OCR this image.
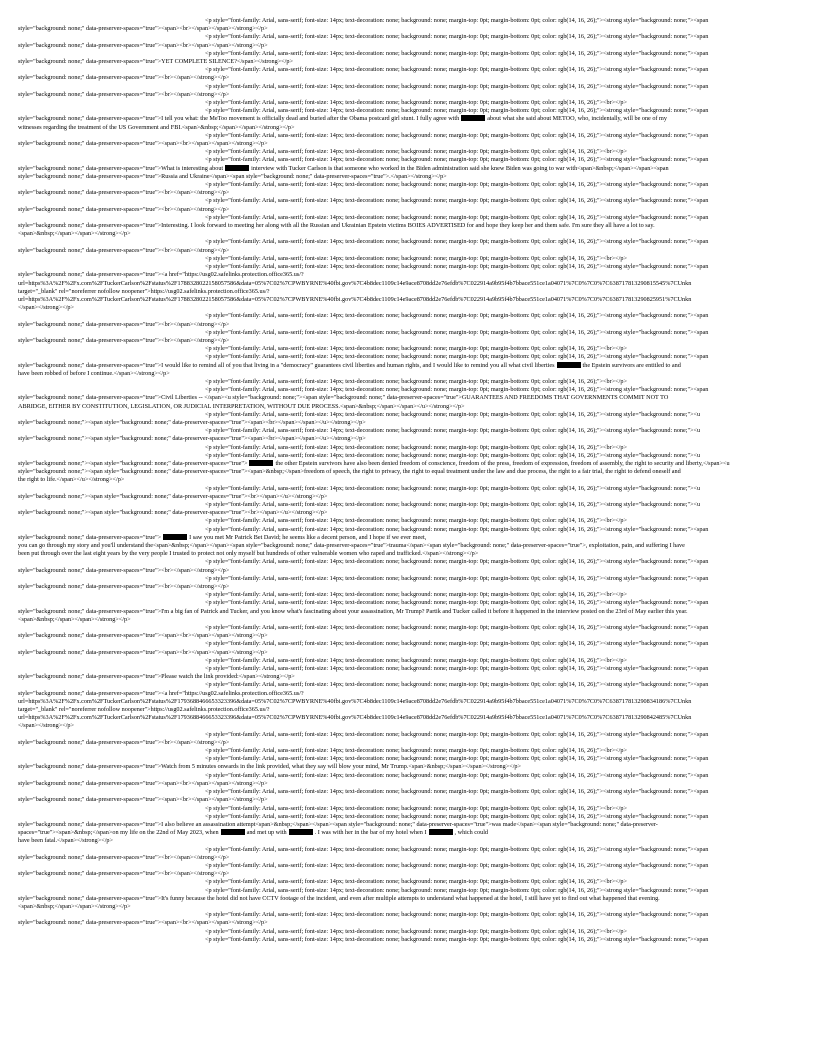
<p style="font-family: Arial, sans-serif; font-size: 14px; text-decoration: none; background: none; margin-top: 0pt; margin-bottom: 0pt; color: rgb(14, 16, 26);"><strong style="background: none;"><span
style="background: none;" data-preserver-spaces="true"><span><br></span></span></strong></p>
<p style="font-family: Arial, sans-serif; font-size: 14px; text-decoration: none; background: none; margin-top: 0pt; margin-bottom: 0pt; color: rgb(14, 16, 26);"><strong style="background: none;"><span
style="background: none;" data-preserver-spaces="true"><span><br></span></span></strong></p>
<p style="font-family: Arial, sans-serif; font-size: 14px; text-decoration: none; background: none; margin-top: 0pt; margin-bottom: 0pt; color: rgb(14, 16, 26);"><strong style="background: none;"><span
style="background: none;" data-preserver-spaces="true">YET COMPLETE SILENCE?</span></strong></p>
<p style="font-family: Arial, sans-serif; font-size: 14px; text-decoration: none; background: none; margin-top: 0pt; margin-bottom: 0pt; color: rgb(14, 16, 26);"><strong style="background: none;"><span
style="background: none;" data-preserver-spaces="true"><br></span></strong></p>
<p style="font-family: Arial, sans-serif; font-size: 14px; text-decoration: none; background: none; margin-top: 0pt; margin-bottom: 0pt; color: rgb(14, 16, 26);"><strong style="background: none;"><span
style="background: none;" data-preserver-spaces="true"><br></span></strong></p>
<p style="font-family: Arial, sans-serif; font-size: 14px; text-decoration: none; background: none; margin-top: 0pt; margin-bottom: 0pt; color: rgb(14, 16, 26);"><br></p>
<p style="font-family: Arial, sans-serif; font-size: 14px; text-decoration: none; background: none; margin-top: 0pt; margin-bottom: 0pt; color: rgb(14, 16, 26);"><strong style="background: none;"><span
style="background: none;" data-preserver-spaces="true">I tell you what: the MeToo movement is officially dead and buried after the Obama postcard girl stunt. I fully agree with	about what she said about METOO, who, incidentally, will be one of my
witnesses regarding the treatment of the US Government and FBI.<span>&nbsp;</span></span></strong></p>
<p style="font-family: Arial, sans-serif; font-size: 14px; text-decoration: none; background: none; margin-top: 0pt; margin-bottom: 0pt; color: rgb(14, 16, 26);"><strong style="background: none;"><span
style="background: none;" data-preserver-spaces="true"><span><br></span></span></strong></p>
<p style="font-family: Arial, sans-serif; font-size: 14px; text-decoration: none; background: none; margin-top: 0pt; margin-bottom: 0pt; color: rgb(14, 16, 26);"><br></p>
<p style="font-family: Arial, sans-serif; font-size: 14px; text-decoration: none; background: none; margin-top: 0pt; margin-bottom: 0pt; color: rgb(14, 16, 26);"><strong style="background: none;"><span
style="background: none;" data-preserver-spaces="true">What is interesting about	interview with Tucker Carlson is that someone who worked in the Biden administration said she knew Biden was going to war with<span>&nbsp;</span></span><span
style="background: none;" data-preserver-spaces="true">Russia and Ukraine</span><span style="background: none;" data-preserver-spaces="true">.</span></strong></p>
<p style="font-family: Arial, sans-serif; font-size: 14px; text-decoration: none; background: none; margin-top: 0pt; margin-bottom: 0pt; color: rgb(14, 16, 26);"><strong style="background: none;"><span
style="background: none;" data-preserver-spaces="true"><br></span></strong></p>
<p style="font-family: Arial, sans-serif; font-size: 14px; text-decoration: none; background: none; margin-top: 0pt; margin-bottom: 0pt; color: rgb(14, 16, 26);"><strong style="background: none;"><span
style="background: none;" data-preserver-spaces="true"><br></span></strong></p>
<p style="font-family: Arial, sans-serif; font-size: 14px; text-decoration: none; background: none; margin-top: 0pt; margin-bottom: 0pt; color: rgb(14, 16, 26);"><strong style="background: none;"><span
style="background: none;" data-preserver-spaces="true">Interesting. I look forward to meeting her along with all the Russian and Ukrainian Epstein victims BOIES ADVERTISED for and hope they keep her and them safe. I'm sure they all have a lot to say.
<span>&nbsp;</span></span></strong></p>
<p style="font-family: Arial, sans-serif; font-size: 14px; text-decoration: none; background: none; margin-top: 0pt; margin-bottom: 0pt; color: rgb(14, 16, 26);"><strong style="background: none;"><span
style="background: none;" data-preserver-spaces="true"><br></span></strong></p>
<p style="font-family: Arial, sans-serif; font-size: 14px; text-decoration: none; background: none; margin-top: 0pt; margin-bottom: 0pt; color: rgb(14, 16, 26);"><br></p>
<p style="font-family: Arial, sans-serif; font-size: 14px; text-decoration: none; background: none; margin-top: 0pt; margin-bottom: 0pt; color: rgb(14, 16, 26);"><strong style="background: none;"><span
style="background: none;" data-preserver-spaces="true"><a href="https://usg02.safelinks.protection.office365.us/?
url=https%3A%2F%2Fx.com%2FTuckerCarlson%2Fstatus%2F1788328022158057586&data=05%7C02%7CPWBYRNE%40fbi.gov%7C4b8dec1109c14e9ace8708dd2e76efdb%7C022914a9b95f4b7bbace551ce1a04071%7C0%7C0%7C638717813290815545%7CUnkn
target="_blank" rel="noreferrer nofollow noopener">https://usg02.safelinks.protection.office365.us/?
url=https%3A%2F%2Fx.com%2FTuckerCarlson%2Fstatus%2F1788328022158057586&data=05%7C02%7CPWBYRNE%40fbi.gov%7C4b8dec1109c14e9ace8708dd2e76efdb%7C022914a9b95f4b7bbace551ce1a04071%7C0%7C0%7C638717813290825951%7CUnkn
</span></strong></p>
<p style="font-family: Arial, sans-serif; font-size: 14px; text-decoration: none; background: none; margin-top: 0pt; margin-bottom: 0pt; color: rgb(14, 16, 26);"><strong style="background: none;"><span
style="background: none;" data-preserver-spaces="true"><br></span></strong></p>
<p style="font-family: Arial, sans-serif; font-size: 14px; text-decoration: none; background: none; margin-top: 0pt; margin-bottom: 0pt; color: rgb(14, 16, 26);"><strong style="background: none;"><span
style="background: none;" data-preserver-spaces="true"><br></span></strong></p>
<p style="font-family: Arial, sans-serif; font-size: 14px; text-decoration: none; background: none; margin-top: 0pt; margin-bottom: 0pt; color: rgb(14, 16, 26);"><br></p>
<p style="font-family: Arial, sans-serif; font-size: 14px; text-decoration: none; background: none; margin-top: 0pt; margin-bottom: 0pt; color: rgb(14, 16, 26);"><strong style="background: none;"><span
style="background: none;" data-preserver-spaces="true">I would like to remind all of you that living in a "democracy" guarantees civil liberties and human rights, and I would like to remind you all what civil liberties	the Epstein survivors are entitled to and
have been robbed of before I continue.</span></strong></p>
<p style="font-family: Arial, sans-serif; font-size: 14px; text-decoration: none; background: none; margin-top: 0pt; margin-bottom: 0pt; color: rgb(14, 16, 26);"><br></p>
<p style="font-family: Arial, sans-serif; font-size: 14px; text-decoration: none; background: none; margin-top: 0pt; margin-bottom: 0pt; color: rgb(14, 16, 26);"><strong style="background: none;"><span
style="background: none;" data-preserver-spaces="true">Civil Liberties -- </span><u style="background: none;"><span style="background: none;" data-preserver-spaces="true">GUARANTEES AND FREEDOMS THAT GOVERNMENTS COMMIT NOT TO
ABRIDGE, EITHER BY CONSTITUTION, LEGISLATION, OR JUDICIAL INTERPRETATION, WITHOUT DUE PROCESS.<span>&nbsp;</span></span></u></strong></p>
<p style="font-family: Arial, sans-serif; font-size: 14px; text-decoration: none; background: none; margin-top: 0pt; margin-bottom: 0pt; color: rgb(14, 16, 26);"><strong style="background: none;"><u
style="background: none;"><span style="background: none;" data-preserver-spaces="true"><span><br></span></span></u></strong></p>
<p style="font-family: Arial, sans-serif; font-size: 14px; text-decoration: none; background: none; margin-top: 0pt; margin-bottom: 0pt; color: rgb(14, 16, 26);"><strong style="background: none;"><u
style="background: none;"><span style="background: none;" data-preserver-spaces="true"><span><br></span></span></u></strong></p>
<p style="font-family: Arial, sans-serif; font-size: 14px; text-decoration: none; background: none; margin-top: 0pt; margin-bottom: 0pt; color: rgb(14, 16, 26);"><br></p>
<p style="font-family: Arial, sans-serif; font-size: 14px; text-decoration: none; background: none; margin-top: 0pt; margin-bottom: 0pt; color: rgb(14, 16, 26);"><strong style="background: none;"><u
style="background: none;"><span style="background: none;" data-preserver-spaces="true">	the other Epstein survivors have also been denied freedom of conscience, freedom of the press, freedom of expression, freedom of assembly, the right to security and liberty,</span><u
style="background: none;"><span style="background: none;" data-preserver-spaces="true"><span>&nbsp;</span>freedom of speech, the right to privacy, the right to equal treatment under the law and due process, the right to a fair trial, the right to defend oneself and
the right to life.</span></u></strong></p>
<p style="font-family: Arial, sans-serif; font-size: 14px; text-decoration: none; background: none; margin-top: 0pt; margin-bottom: 0pt; color: rgb(14, 16, 26);"><strong style="background: none;"><u
style="background: none;"><span style="background: none;" data-preserver-spaces="true"><br></span></u></strong></p>
<p style="font-family: Arial, sans-serif; font-size: 14px; text-decoration: none; background: none; margin-top: 0pt; margin-bottom: 0pt; color: rgb(14, 16, 26);"><strong style="background: none;"><u
style="background: none;"><span style="background: none;" data-preserver-spaces="true"><br></span></u></strong></p>
<p style="font-family: Arial, sans-serif; font-size: 14px; text-decoration: none; background: none; margin-top: 0pt; margin-bottom: 0pt; color: rgb(14, 16, 26);"><br></p>
<p style="font-family: Arial, sans-serif; font-size: 14px; text-decoration: none; background: none; margin-top: 0pt; margin-bottom: 0pt; color: rgb(14, 16, 26);"><strong style="background: none;"><span
style="background: none;" data-preserver-spaces="true">	I saw you met Mr Patrick Bet David; he seems like a decent person, and I hope if we ever meet,
you can go through my story and you'll understand the<span>&nbsp;</span></span><span style="background: none;" data-preserver-spaces="true">trauma</span><span style="background: none;" data-preserver-spaces="true">, exploitation, pain, and suffering I have
been put through over the last eight years by the very people I trusted to protect not only myself but hundreds of other vulnerable women who raped and trafficked.</span></strong></p>
<p style="font-family: Arial, sans-serif; font-size: 14px; text-decoration: none; background: none; margin-top: 0pt; margin-bottom: 0pt; color: rgb(14, 16, 26);"><strong style="background: none;"><span
style="background: none;" data-preserver-spaces="true"><br></span></strong></p>
<p style="font-family: Arial, sans-serif; font-size: 14px; text-decoration: none; background: none; margin-top: 0pt; margin-bottom: 0pt; color: rgb(14, 16, 26);"><strong style="background: none;"><span
style="background: none;" data-preserver-spaces="true"><br></span></strong></p>
<p style="font-family: Arial, sans-serif; font-size: 14px; text-decoration: none; background: none; margin-top: 0pt; margin-bottom: 0pt; color: rgb(14, 16, 26);"><br></p>
<p style="font-family: Arial, sans-serif; font-size: 14px; text-decoration: none; background: none; margin-top: 0pt; margin-bottom: 0pt; color: rgb(14, 16, 26);"><strong style="background: none;"><span
style="background: none;" data-preserver-spaces="true">I'm a big fan of Patrick and Tucker, and you know what's fascinating about your assassination, Mr Trump? Partik and Tucker called it before it happened in the interview posted on the 23rd of May earlier this year.
<span>&nbsp;</span></span></strong></p>
<p style="font-family: Arial, sans-serif; font-size: 14px; text-decoration: none; background: none; margin-top: 0pt; margin-bottom: 0pt; color: rgb(14, 16, 26);"><strong style="background: none;"><span
style="background: none;" data-preserver-spaces="true"><span><br></span></span></strong></p>
<p style="font-family: Arial, sans-serif; font-size: 14px; text-decoration: none; background: none; margin-top: 0pt; margin-bottom: 0pt; color: rgb(14, 16, 26);"><strong style="background: none;"><span
style="background: none;" data-preserver-spaces="true"><span><br></span></span></strong></p>
<p style="font-family: Arial, sans-serif; font-size: 14px; text-decoration: none; background: none; margin-top: 0pt; margin-bottom: 0pt; color: rgb(14, 16, 26);"><br></p>
<p style="font-family: Arial, sans-serif; font-size: 14px; text-decoration: none; background: none; margin-top: 0pt; margin-bottom: 0pt; color: rgb(14, 16, 26);"><strong style="background: none;"><span
style="background: none;" data-preserver-spaces="true">Please watch the link provided:</span></strong></p>
<p style="font-family: Arial, sans-serif; font-size: 14px; text-decoration: none; background: none; margin-top: 0pt; margin-bottom: 0pt; color: rgb(14, 16, 26);"><strong style="background: none;"><span
style="background: none;" data-preserver-spaces="true"><a href="https://usg02.safelinks.protection.office365.us/?
url=https%3A%2F%2Fx.com%2FTuckerCarlson%2Fstatus%2F1793688466653323396&data=05%7C02%7CPWBYRNE%40fbi.gov%7C4b8dec1109c14e9ace8708dd2e76efdb%7C022914a9b95f4b7bbace551ce1a04071%7C0%7C0%7C638717813290834186%7CUnkn
target="_blank" rel="noreferrer nofollow noopener">https://usg02.safelinks.protection.office365.us/?
url=https%3A%2F%2Fx.com%2FTuckerCarlson%2Fstatus%2F1793688466653323396&data=05%7C02%7CPWBYRNE%40fbi.gov%7C4b8dec1109c14e9ace8708dd2e76efdb%7C022914a9b95f4b7bbace551ce1a04071%7C0%7C0%7C638717813290842485%7CUnkn
</span></strong></p>
<p style="font-family: Arial, sans-serif; font-size: 14px; text-decoration: none; background: none; margin-top: 0pt; margin-bottom: 0pt; color: rgb(14, 16, 26);"><strong style="background: none;"><span
style="background: none;" data-preserver-spaces="true"><br></span></strong></p>
<p style="font-family: Arial, sans-serif; font-size: 14px; text-decoration: none; background: none; margin-top: 0pt; margin-bottom: 0pt; color: rgb(14, 16, 26);"><br></p>
<p style="font-family: Arial, sans-serif; font-size: 14px; text-decoration: none; background: none; margin-top: 0pt; margin-bottom: 0pt; color: rgb(14, 16, 26);"><strong style="background: none;"><span
style="background: none;" data-preserver-spaces="true">Watch from 5 minutes onwards in the link provided, what they say will blow your mind, Mr Trump.<span>&nbsp;</span></span></strong></p>
<p style="font-family: Arial, sans-serif; font-size: 14px; text-decoration: none; background: none; margin-top: 0pt; margin-bottom: 0pt; color: rgb(14, 16, 26);"><strong style="background: none;"><span
style="background: none;" data-preserver-spaces="true"><span><br></span></span></strong></p>
<p style="font-family: Arial, sans-serif; font-size: 14px; text-decoration: none; background: none; margin-top: 0pt; margin-bottom: 0pt; color: rgb(14, 16, 26);"><strong style="background: none;"><span
style="background: none;" data-preserver-spaces="true"><span><br></span></span></strong></p>
<p style="font-family: Arial, sans-serif; font-size: 14px; text-decoration: none; background: none; margin-top: 0pt; margin-bottom: 0pt; color: rgb(14, 16, 26);"><br></p>
<p style="font-family: Arial, sans-serif; font-size: 14px; text-decoration: none; background: none; margin-top: 0pt; margin-bottom: 0pt; color: rgb(14, 16, 26);"><strong style="background: none;"><span
style="background: none;" data-preserver-spaces="true">I also believe an assassination attempt<span>&nbsp;</span></span><span style="background: none;" data-preserver-spaces="true">was made</span><span style="background: none;" data-preserver-
spaces="true"><span>&nbsp;</span>on my life on the 22nd of May 2023, when	and met up with	. I was with her in the bar of my hotel when I	, which could
have been fatal.</span></strong></p>
<p style="font-family: Arial, sans-serif; font-size: 14px; text-decoration: none; background: none; margin-top: 0pt; margin-bottom: 0pt; color: rgb(14, 16, 26);"><strong style="background: none;"><span
style="background: none;" data-preserver-spaces="true"><br></span></strong></p>
<p style="font-family: Arial, sans-serif; font-size: 14px; text-decoration: none; background: none; margin-top: 0pt; margin-bottom: 0pt; color: rgb(14, 16, 26);"><strong style="background: none;"><span
style="background: none;" data-preserver-spaces="true"><br></span></strong></p>
<p style="font-family: Arial, sans-serif; font-size: 14px; text-decoration: none; background: none; margin-top: 0pt; margin-bottom: 0pt; color: rgb(14, 16, 26);"><br></p>
<p style="font-family: Arial, sans-serif; font-size: 14px; text-decoration: none; background: none; margin-top: 0pt; margin-bottom: 0pt; color: rgb(14, 16, 26);"><strong style="background: none;"><span
style="background: none;" data-preserver-spaces="true">It's funny because the hotel did not have CCTV footage of the incident, and even after multiple attempts to understand what happened at the hotel, I still have yet to find out what happened that evening.
<span>&nbsp;</span></span></strong></p>
<p style="font-family: Arial, sans-serif; font-size: 14px; text-decoration: none; background: none; margin-top: 0pt; margin-bottom: 0pt; color: rgb(14, 16, 26);"><strong style="background: none;"><span
style="background: none;" data-preserver-spaces="true"><span><br></span></span></strong></p>
<p style="font-family: Arial, sans-serif; font-size: 14px; text-decoration: none; background: none; margin-top: 0pt; margin-bottom: 0pt; color: rgb(14, 16, 26);"><br></p>
<p style="font-family: Arial, sans-serif; font-size: 14px; text-decoration: none; background: none; margin-top: 0pt; margin-bottom: 0pt; color: rgb(14, 16, 26);"><strong style="background: none;"><span
